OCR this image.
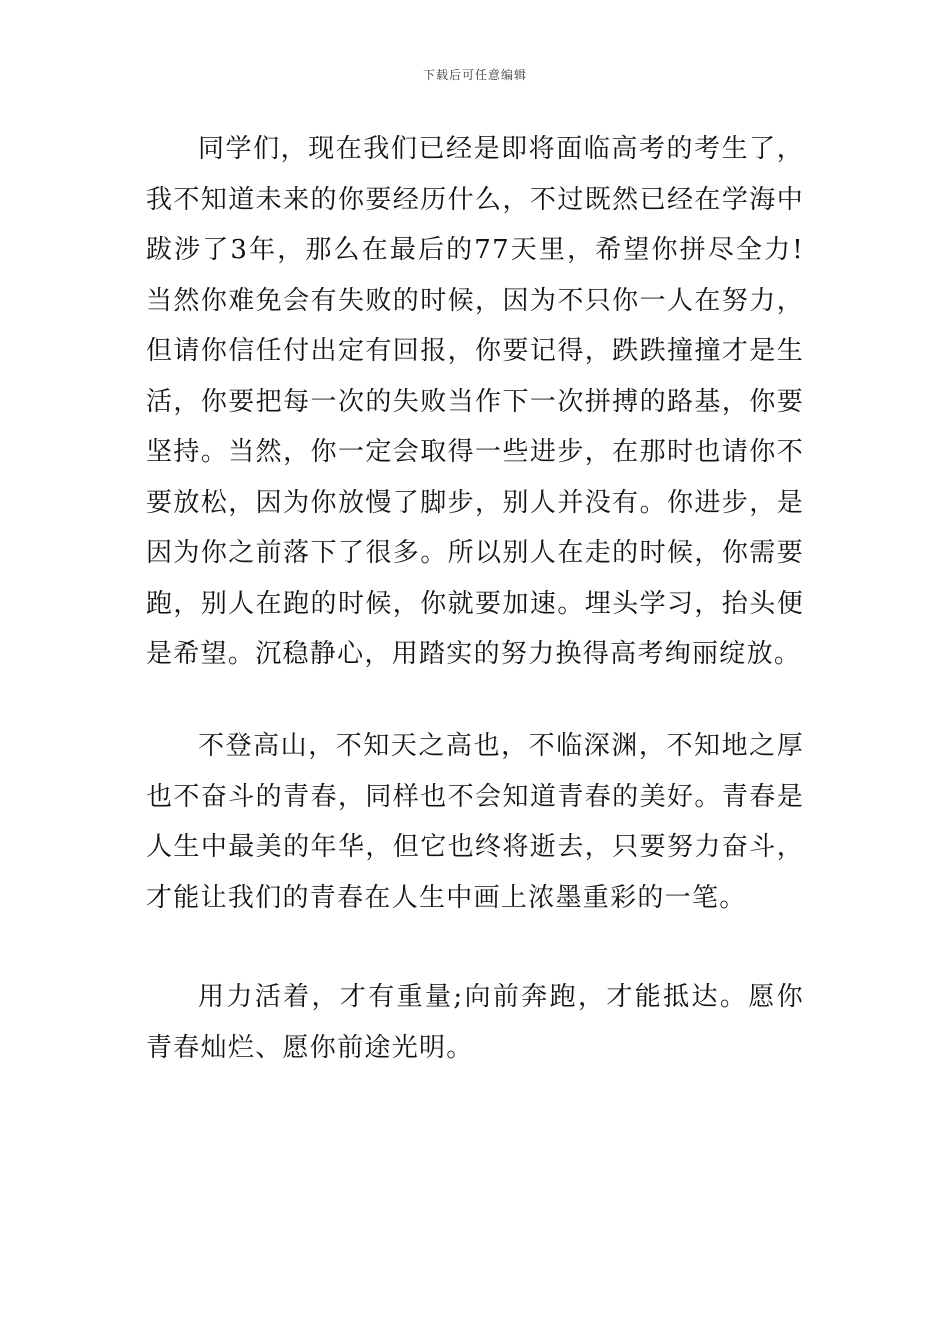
下载后可任意编辑

同学们，现在我们已经是即将面临高考的考生了，我不知道未来的你要经历什么，不过既然已经在学海中跋涉了3年，那么在最后的77天里，希望你拼尽全力!当然你难免会有失败的时候，因为不只你一人在努力，但请你信任付出定有回报，你要记得，跌跌撞撞才是生活，你要把每一次的失败当作下一次拼搏的路基，你要坚持。当然，你一定会取得一些进步，在那时也请你不要放松，因为你放慢了脚步，别人并没有。你进步，是因为你之前落下了很多。所以别人在走的时候，你需要跑，别人在跑的时候，你就要加速。埋头学习，抬头便是希望。沉稳静心，用踏实的努力换得高考绚丽绽放。

不登高山，不知天之高也，不临深渊，不知地之厚也不奋斗的青春，同样也不会知道青春的美好。青春是人生中最美的年华，但它也终将逝去，只要努力奋斗，才能让我们的青春在人生中画上浓墨重彩的一笔。

用力活着，才有重量;向前奔跑，才能抵达。愿你青春灿烂、愿你前途光明。
